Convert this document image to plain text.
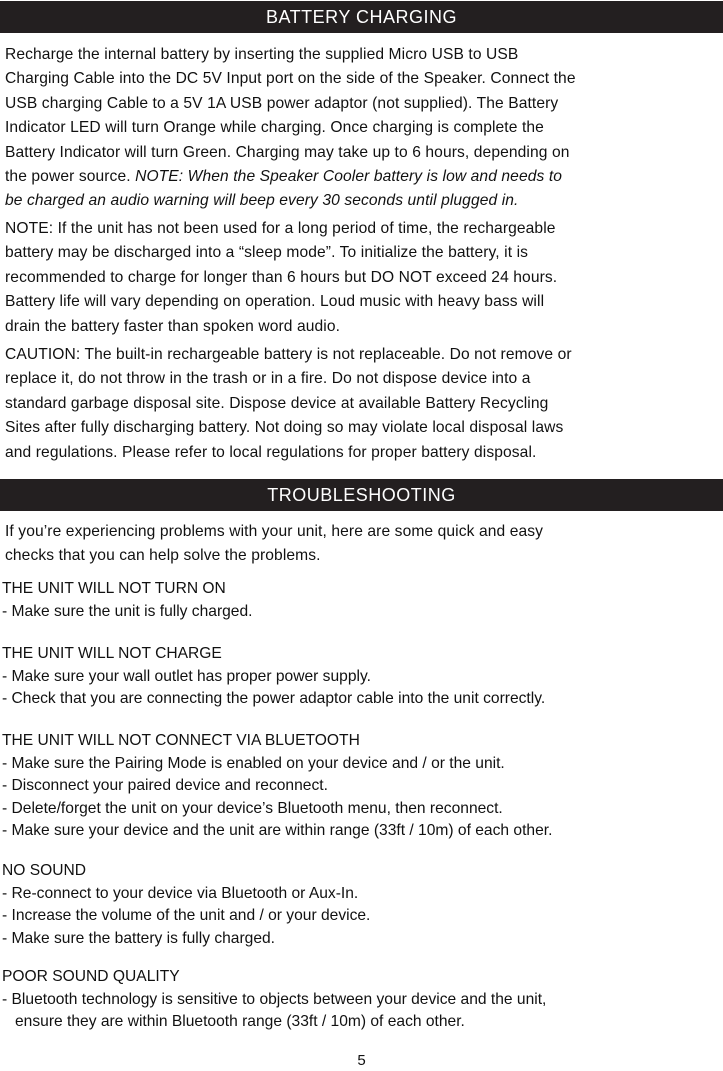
BATTERY CHARGING

Recharge the internal battery by inserting the supplied Micro USB to USB
Charging Cable into the DC 5V Input port on the side of the Speaker. Connect the
USB charging Cable to a 5V 1A USB power adaptor (not supplied). The Battery
Indicator LED will turn Orange while charging. Once charging is complete the
Battery Indicator will turn Green. Charging may take up to 6 hours, depending on
the power source. NOTE: When the Speaker Cooler battery is low and needs to
be charged an audio warning will beep every 30 seconds until plugged in.

NOTE: If the unit has not been used for a long period of time, the rechargeable
battery may be discharged into a “sleep mode”. To initialize the battery, it is
recommended to charge for longer than 6 hours but DO NOT exceed 24 hours.
Battery life will vary depending on operation. Loud music with heavy bass will
drain the battery faster than spoken word audio.

CAUTION: The built-in rechargeable battery is not replaceable. Do not remove or
replace it, do not throw in the trash or in a fire. Do not dispose device into a
standard garbage disposal site. Dispose device at available Battery Recycling
Sites after fully discharging battery. Not doing so may violate local disposal laws
and regulations. Please refer to local regulations for proper battery disposal.

TROUBLESHOOTING

If you’re experiencing problems with your unit, here are some quick and easy
checks that you can help solve the problems.

THE UNIT WILL NOT TURN ON
- Make sure the unit is fully charged.
THE UNIT WILL NOT CHARGE
- Make sure your wall outlet has proper power supply.
- Check that you are connecting the power adaptor cable into the unit correctly.
THE UNIT WILL NOT CONNECT VIA BLUETOOTH
- Make sure the Pairing Mode is enabled on your device and / or the unit.
- Disconnect your paired device and reconnect.
- Delete/forget the unit on your device’s Bluetooth menu, then reconnect.
- Make sure your device and the unit are within range (33ft / 10m) of each other.
NO SOUND
- Re-connect to your device via Bluetooth or Aux-In.
- Increase the volume of the unit and / or your device.
- Make sure the battery is fully charged.
POOR SOUND QUALITY
- Bluetooth technology is sensitive to objects between your device and the unit,
ensure they are within Bluetooth range (33ft / 10m) of each other.
5
